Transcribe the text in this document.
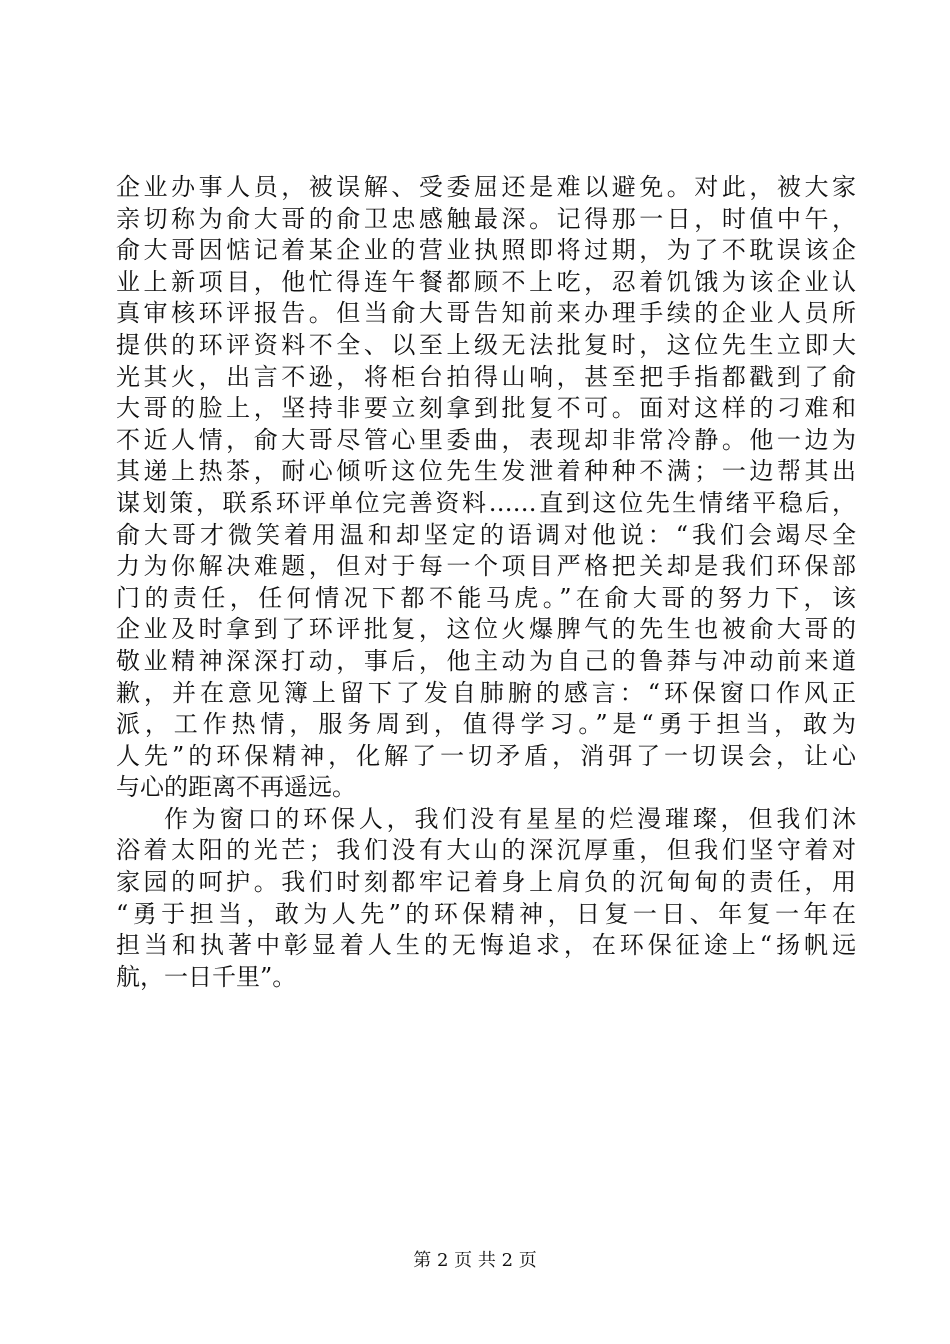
企业办事人员，被误解、受委屈还是难以避免。对此，被大家
亲切称为俞大哥的俞卫忠感触最深。记得那一日，时值中午，
俞大哥因惦记着某企业的营业执照即将过期，为了不耽误该企
业上新项目，他忙得连午餐都顾不上吃，忍着饥饿为该企业认
真审核环评报告。但当俞大哥告知前来办理手续的企业人员所
提供的环评资料不全、以至上级无法批复时，这位先生立即大
光其火，出言不逊，将柜台拍得山响，甚至把手指都戳到了俞
大哥的脸上，坚持非要立刻拿到批复不可。面对这样的刁难和
不近人情，俞大哥尽管心里委曲，表现却非常冷静。他一边为
其递上热茶，耐心倾听这位先生发泄着种种不满；一边帮其出
谋划策，联系环评单位完善资料……直到这位先生情绪平稳后，
俞大哥才微笑着用温和却坚定的语调对他说：“我们会竭尽全
力为你解决难题，但对于每一个项目严格把关却是我们环保部
门的责任，任何情况下都不能马虎。”在俞大哥的努力下，该
企业及时拿到了环评批复，这位火爆脾气的先生也被俞大哥的
敬业精神深深打动，事后，他主动为自己的鲁莽与冲动前来道
歉，并在意见簿上留下了发自肺腑的感言：“环保窗口作风正
派，工作热情，服务周到，值得学习。”是“勇于担当，敢为
人先”的环保精神，化解了一切矛盾，消弭了一切误会，让心
与心的距离不再遥远。
作为窗口的环保人，我们没有星星的烂漫璀璨，但我们沐
浴着太阳的光芒；我们没有大山的深沉厚重，但我们坚守着对
家园的呵护。我们时刻都牢记着身上肩负的沉甸甸的责任，用
“勇于担当，敢为人先”的环保精神，日复一日、年复一年在
担当和执著中彰显着人生的无悔追求，在环保征途上“扬帆远
航，一日千里”。
第 2 页 共 2 页
